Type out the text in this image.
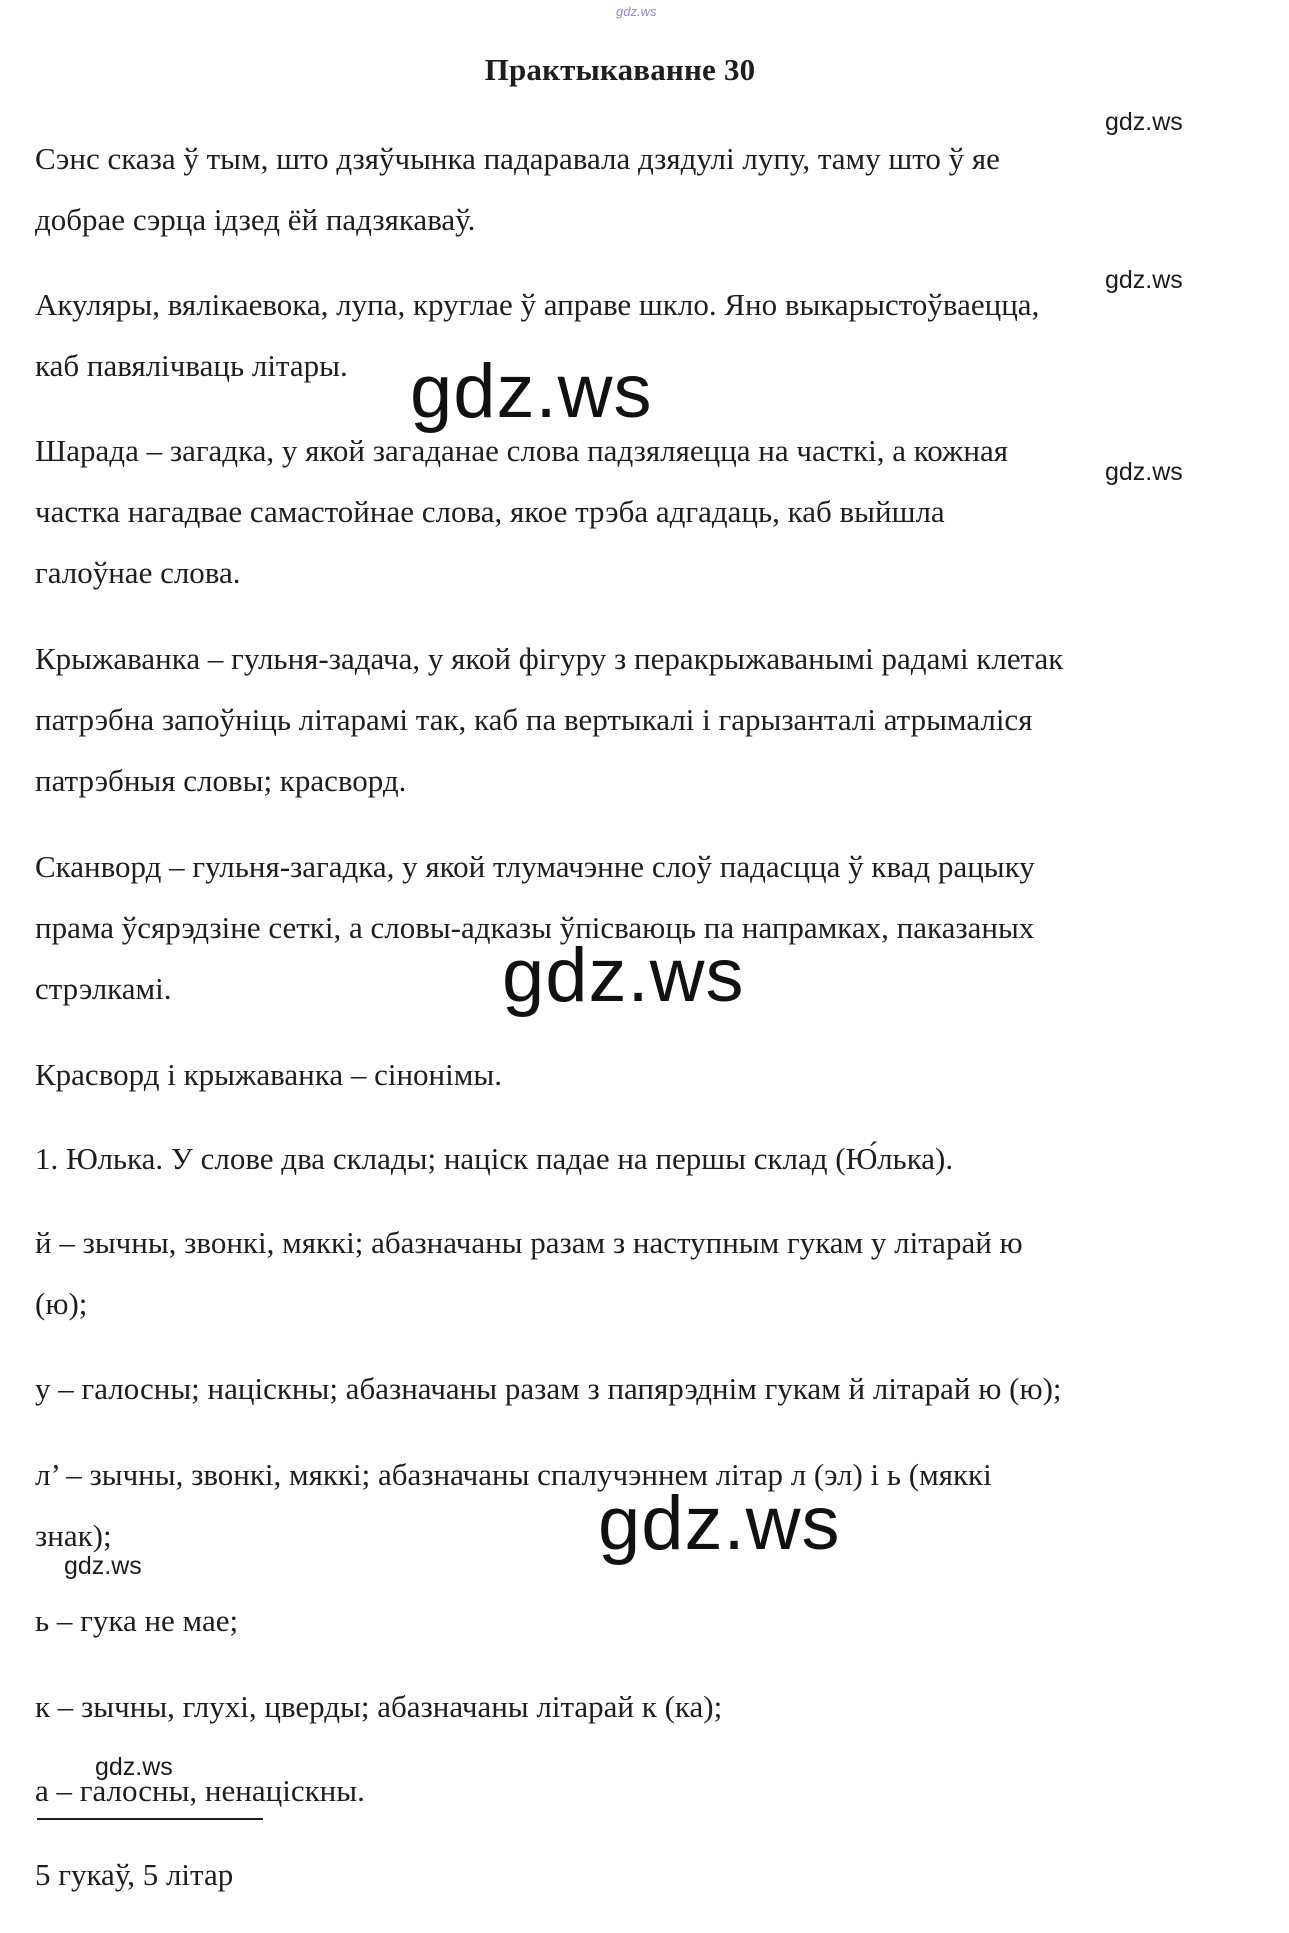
gdz.ws
Практыкаванне 30

Сэнс сказа ў тым, што дзяўчынка падаравала дзядулі лупу, таму што ў яе
добрае сэрца ідзед ёй падзякаваў.

Акуляры, вялікаевока, лупа, круглае ў аправе шкло. Яно выкарыстоўваецца,
каб павялічваць літары.

Шарада – загадка, у якой загаданае слова падзяляецца на часткі, а кожная
частка нагадвае самастойнае слова, якое трэба адгадаць, каб выйшла
галоўнае слова.

Крыжаванка – гульня-задача, у якой фігуру з перакрыжаванымі радамі клетак
патрэбна запоўніць літарамі так, каб па вертыкалі і гарызанталі атрымаліся
патрэбныя словы; красворд.

Сканворд – гульня-загадка, у якой тлумачэнне слоў падасцца ў квад рацыку
прама ўсярэдзіне сеткі, а словы-адказы ўпісваюць па напрамках, паказаных
стрэлкамі.

Красворд і крыжаванка – сінонімы.

1. Юлька. У слове два склады; націск падае на першы склад (Ю́лька).

й – зычны, звонкі, мяккі; абазначаны разам з наступным гукам у літарай ю
(ю);

у – галосны; націскны; абазначаны разам з папярэднім гукам й літарай ю (ю);

л’ – зычны, звонкі, мяккі; абазначаны спалучэннем літар л (эл) і ь (мяккі
знак);

ь – гука не мае;

к – зычны, глухі, цверды; абазначаны літарай к (ка);

а – галосны, ненаціскны.

5 гукаў, 5 літар

gdz.ws
gdz.ws
gdz.ws
gdz.ws
gdz.ws
gdz.ws
gdz.ws
gdz.ws
